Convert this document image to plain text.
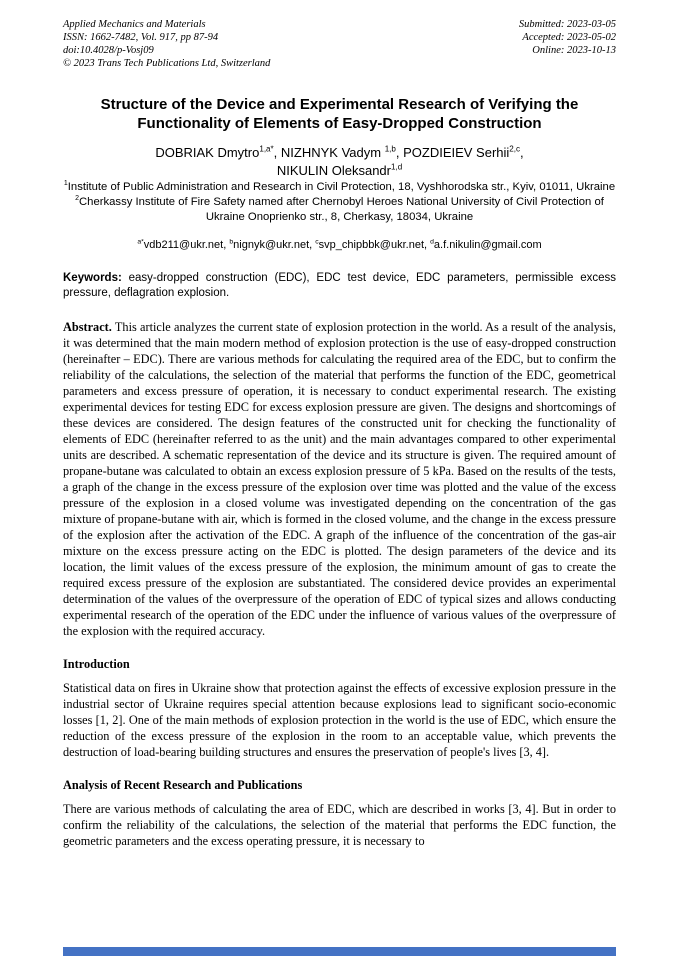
Applied Mechanics and Materials
ISSN: 1662-7482, Vol. 917, pp 87-94
doi:10.4028/p-Vosj09
© 2023 Trans Tech Publications Ltd, Switzerland
Submitted: 2023-03-05
Accepted: 2023-05-02
Online: 2023-10-13
Structure of the Device and Experimental Research of Verifying the Functionality of Elements of Easy-Dropped Construction
DOBRIAK Dmytro$^{1,a*}$, NIZHNYK Vadym $^{1,b}$, POZDIEIEV Serhii$^{2,c}$,
NIKULIN Oleksandr$^{1,d}$
$^1$Institute of Public Administration and Research in Civil Protection, 18, Vyshhorodska str., Kyiv, 01011, Ukraine
$^2$Cherkassy Institute of Fire Safety named after Chernobyl Heroes National University of Civil Protection of Ukraine Onoprienko str., 8, Cherkasy, 18034, Ukraine
$^{a*}$vdb211@ukr.net, $^b$nignyk@ukr.net, $^c$svp_chipbbk@ukr.net, $^d$a.f.nikulin@gmail.com

Keywords: easy-dropped construction (EDC), EDC test device, EDC parameters, permissible excess pressure, deflagration explosion.

Abstract. This article analyzes the current state of explosion protection in the world. As a result of the analysis, it was determined that the main modern method of explosion protection is the use of easy-dropped construction (hereinafter – EDC). There are various methods for calculating the required area of the EDC, but to confirm the reliability of the calculations, the selection of the material that performs the function of the EDC, geometrical parameters and excess pressure of operation, it is necessary to conduct experimental research. The existing experimental devices for testing EDC for excess explosion pressure are given. The designs and shortcomings of these devices are considered. The design features of the constructed unit for checking the functionality of elements of EDC (hereinafter referred to as the unit) and the main advantages compared to other experimental units are described. A schematic representation of the device and its structure is given. The required amount of propane-butane was calculated to obtain an excess explosion pressure of 5 kPa. Based on the results of the tests, a graph of the change in the excess pressure of the explosion over time was plotted and the value of the excess pressure of the explosion in a closed volume was investigated depending on the concentration of the gas mixture of propane-butane with air, which is formed in the closed volume, and the change in the excess pressure of the explosion after the activation of the EDC. A graph of the influence of the concentration of the gas-air mixture on the excess pressure acting on the EDC is plotted. The design parameters of the device and its location, the limit values of the excess pressure of the explosion, the minimum amount of gas to create the required excess pressure of the explosion are substantiated. The considered device provides an experimental determination of the values of the overpressure of the operation of EDC of typical sizes and allows conducting experimental research of the operation of the EDC under the influence of various values of the overpressure of the explosion with the required accuracy.

Introduction

Statistical data on fires in Ukraine show that protection against the effects of excessive explosion pressure in the industrial sector of Ukraine requires special attention because explosions lead to significant socio-economic losses [1, 2]. One of the main methods of explosion protection in the world is the use of EDC, which ensure the reduction of the excess pressure of the explosion in the room to an acceptable value, which prevents the destruction of load-bearing building structures and ensures the preservation of people's lives [3, 4].

Analysis of Recent Research and Publications

There are various methods of calculating the area of EDC, which are described in works [3, 4]. But in order to confirm the reliability of the calculations, the selection of the material that performs the EDC function, the geometric parameters and the excess operating pressure, it is necessary to
